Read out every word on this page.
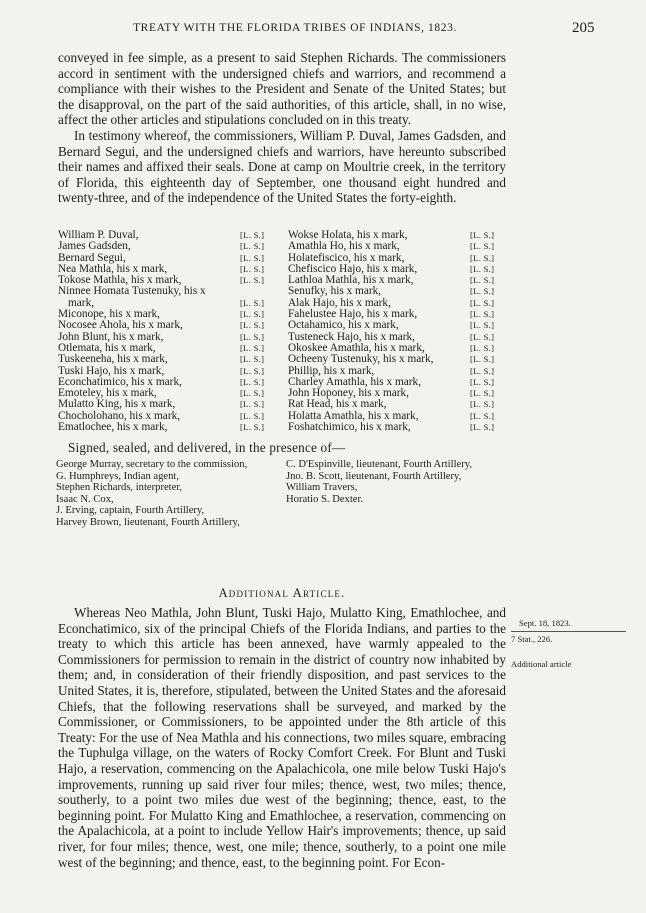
TREATY WITH THE FLORIDA TRIBES OF INDIANS, 1823.	205

conveyed in fee simple, as a present to said Stephen Richards. The commissioners accord in sentiment with the undersigned chiefs and warriors, and recommend a compliance with their wishes to the President and Senate of the United States; but the disapproval, on the part of the said authorities, of this article, shall, in no wise, affect the other articles and stipulations concluded on in this treaty.

In testimony whereof, the commissioners, William P. Duval, James Gadsden, and Bernard Segui, and the undersigned chiefs and warriors, have hereunto subscribed their names and affixed their seals. Done at camp on Moultrie creek, in the territory of Florida, this eighteenth day of September, one thousand eight hundred and twenty-three, and of the independence of the United States the forty-eighth.

William P. Duval,	[L. S.]
James Gadsden,	[L. S.]
Bernard Segui,	[L. S.]
Nea Mathla, his x mark,	[L. S.]
Tokose Mathla, his x mark,	[L. S.]
Ninnee Homata Tustenuky, his x
mark,	[L. S.]
Miconope, his x mark,	[L. S.]
Nocosee Ahola, his x mark,	[L. S.]
John Blunt, his x mark,	[L. S.]
Otlemata, his x mark,	[L. S.]
Tuskeeneha, his x mark,	[L. S.]
Tuski Hajo, his x mark,	[L. S.]
Econchatimico, his x mark,	[L. S.]
Emoteley, his x mark,	[L. S.]
Mulatto King, his x mark,	[L. S.]
Chocholohano, his x mark,	[L. S.]
Ematlochee, his x mark,	[L. S.]
Wokse Holata, his x mark,	[L. S.]
Amathla Ho, his x mark,	[L. S.]
Holatefiscico, his x mark,	[L. S.]
Chefiscico Hajo, his x mark,	[L. S.]
Lathloa Mathla, his x mark,	[L. S.]
Senufky, his x mark,	[L. S.]
Alak Hajo, his x mark,	[L. S.]
Fahelustee Hajo, his x mark,	[L. S.]
Octahamico, his x mark,	[L. S.]
Tusteneck Hajo, his x mark,	[L. S.]
Okoskee Amathla, his x mark,	[L. S.]
Ocheeny Tustenuky, his x mark,	[L. S.]
Phillip, his x mark,	[L. S.]
Charley Amathla, his x mark,	[L. S.]
John Hoponey, his x mark,	[L. S.]
Rat Head, his x mark,	[L. S.]
Holatta Amathla, his x mark,	[L. S.]
Foshatchimico, his x mark,	[L. S.]
Signed, sealed, and delivered, in the presence of—
George Murray, secretary to the commission,
G. Humphreys, Indian agent,
Stephen Richards, interpreter,
Isaac N. Cox,
J. Erving, captain, Fourth Artillery,
Harvey Brown, lieutenant, Fourth Artillery,
C. D'Espinville, lieutenant, Fourth Artillery,
Jno. B. Scott, lieutenant, Fourth Artillery,
William Travers,
Horatio S. Dexter.
Additional Article.

Whereas Neo Mathla, John Blunt, Tuski Hajo, Mulatto King, Emathlochee, and Econchatimico, six of the principal Chiefs of the Florida Indians, and parties to the treaty to which this article has been annexed, have warmly appealed to the Commissioners for permission to remain in the district of country now inhabited by them; and, in consideration of their friendly disposition, and past services to the United States, it is, therefore, stipulated, between the United States and the aforesaid Chiefs, that the following reservations shall be surveyed, and marked by the Commissioner, or Commissioners, to be appointed under the 8th article of this Treaty: For the use of Nea Mathla and his connections, two miles square, embracing the Tuphulga village, on the waters of Rocky Comfort Creek. For Blunt and Tuski Hajo, a reservation, commencing on the Apalachicola, one mile below Tuski Hajo's improvements, running up said river four miles; thence, west, two miles; thence, southerly, to a point two miles due west of the beginning; thence, east, to the beginning point. For Mulatto King and Emathlochee, a reservation, commencing on the Apalachicola, at a point to include Yellow Hair's improvements; thence, up said river, for four miles; thence, west, one mile; thence, southerly, to a point one mile west of the beginning; and thence, east, to the beginning point. For Econ-

Sept. 18, 1823.
7 Stat., 226.
Additional article
